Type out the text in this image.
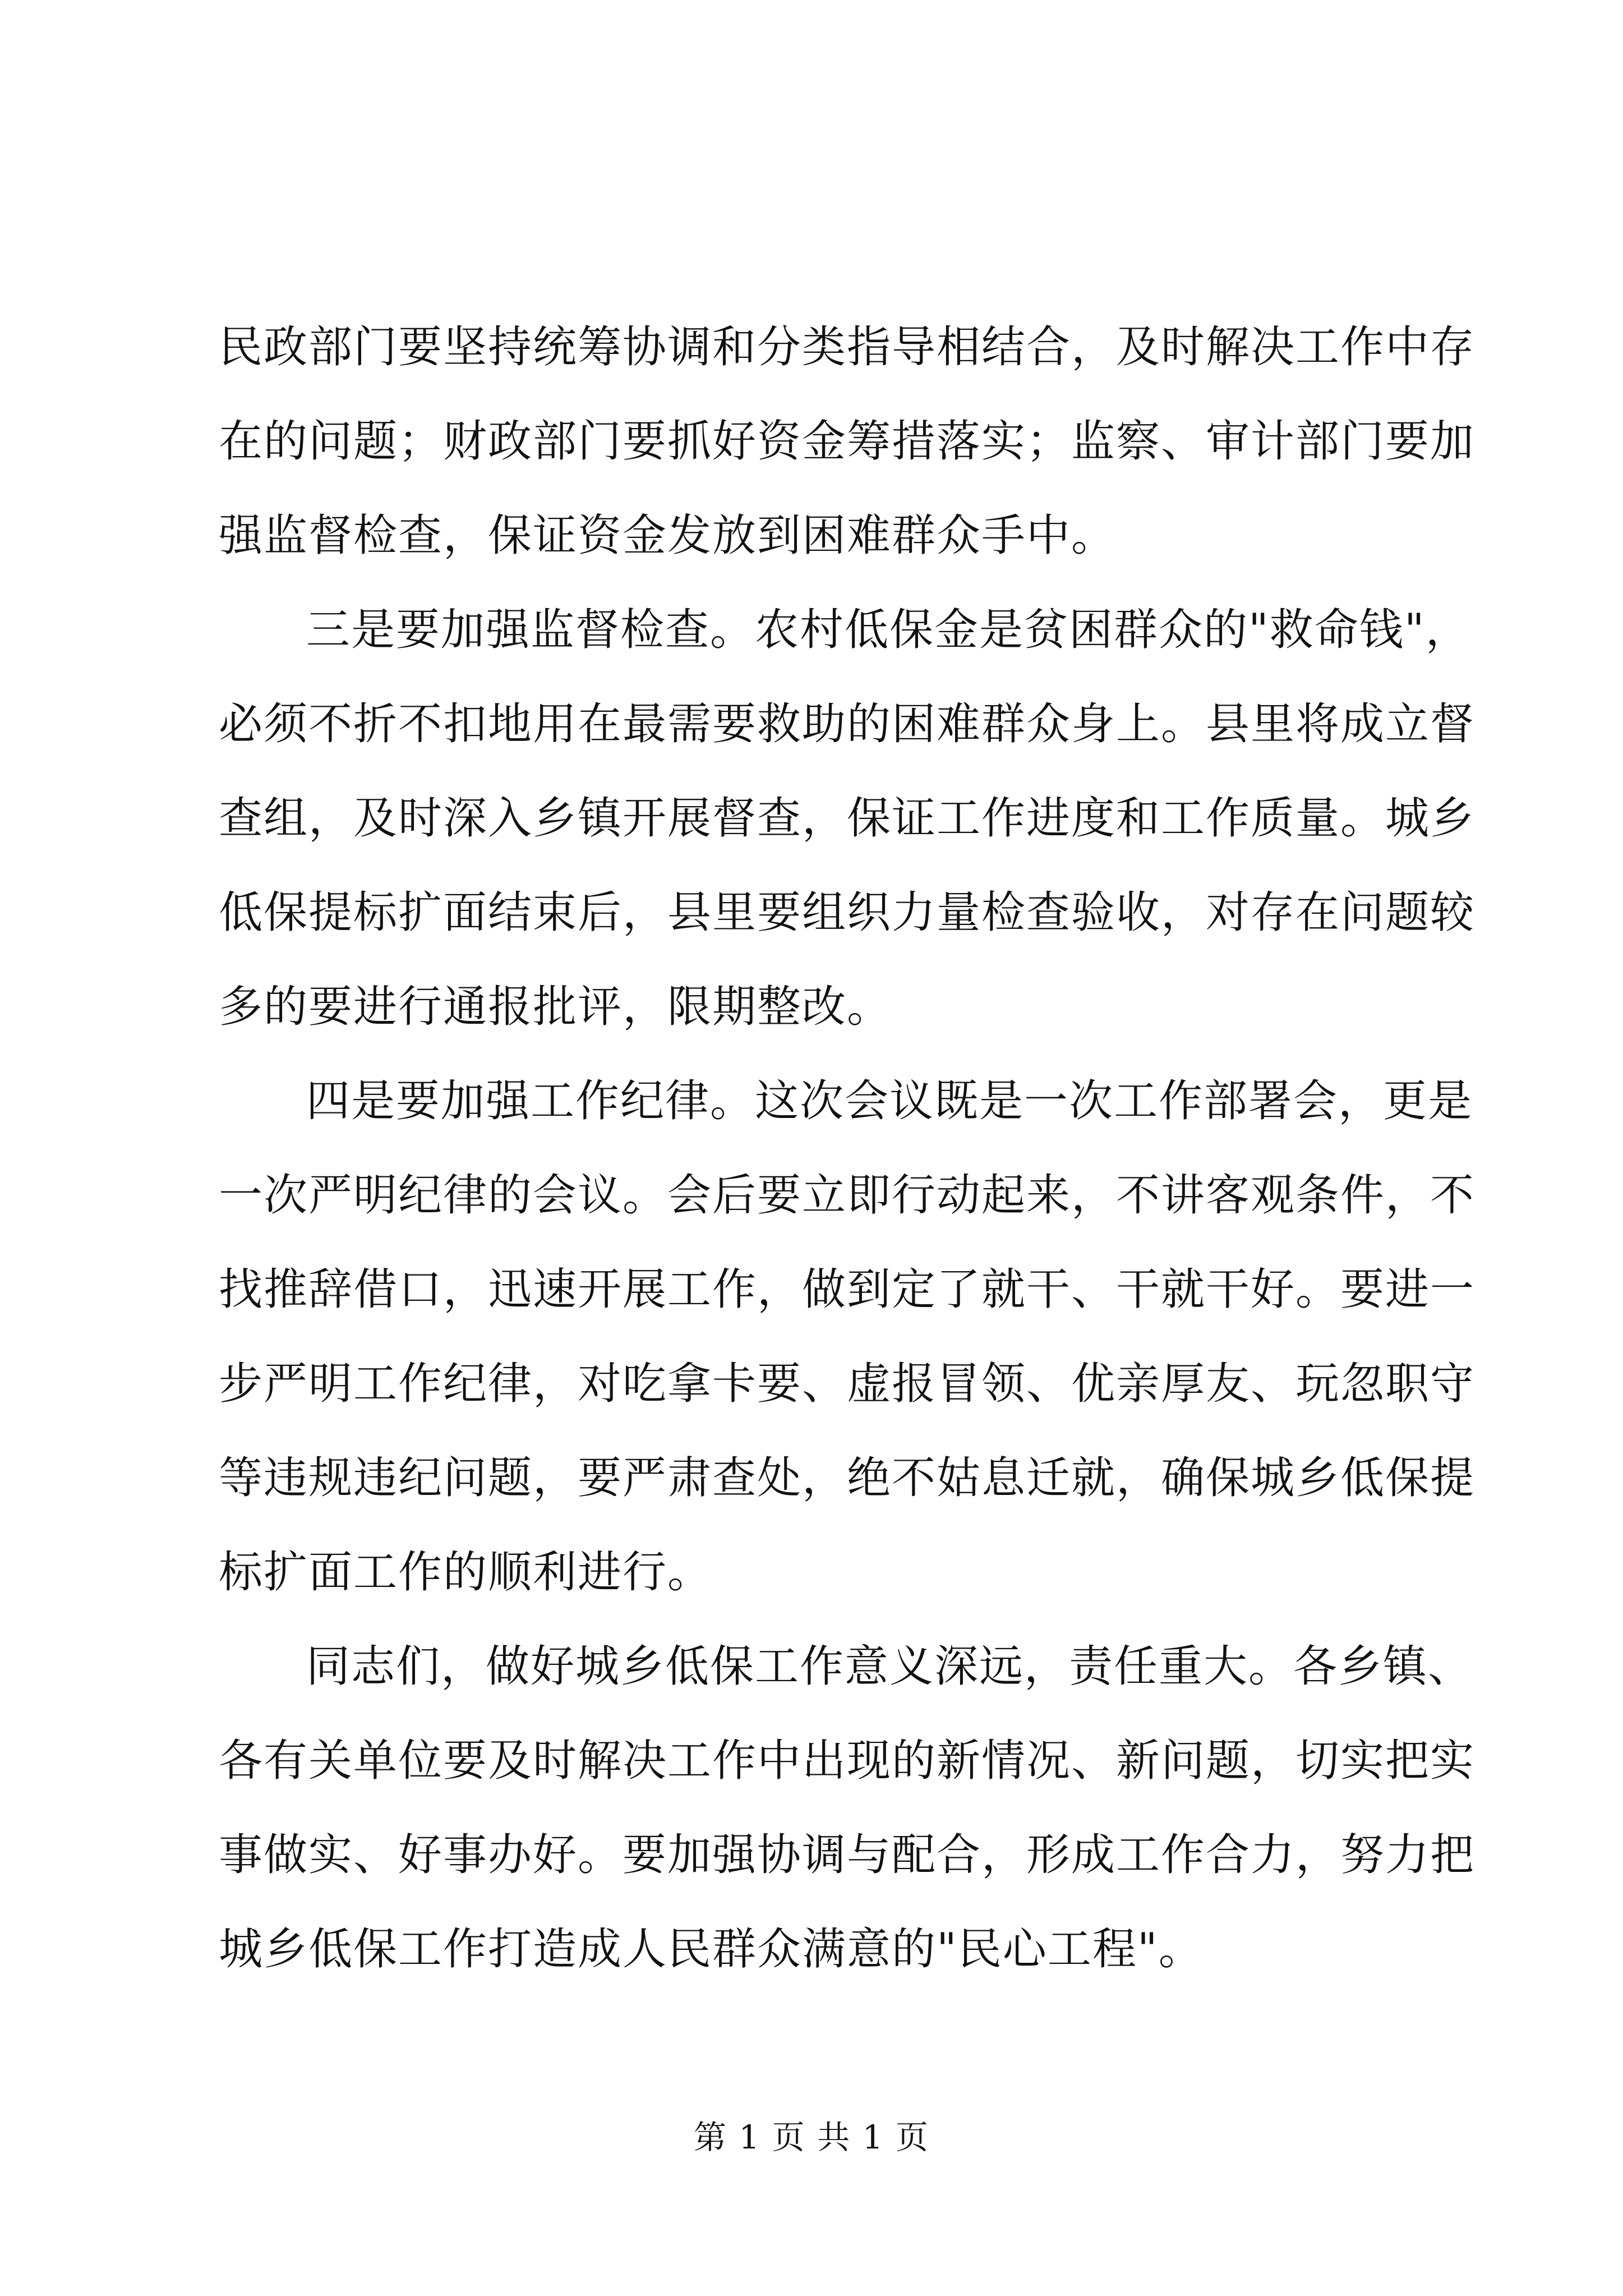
民政部门要坚持统筹协调和分类指导相结合，及时解决工作中存
在的问题；财政部门要抓好资金筹措落实；监察、审计部门要加
强监督检查，保证资金发放到困难群众手中。
三是要加强监督检查。农村低保金是贫困群众的"救命钱"，
必须不折不扣地用在最需要救助的困难群众身上。县里将成立督
查组，及时深入乡镇开展督查，保证工作进度和工作质量。城乡
低保提标扩面结束后，县里要组织力量检查验收，对存在问题较
多的要进行通报批评，限期整改。
四是要加强工作纪律。这次会议既是一次工作部署会，更是
一次严明纪律的会议。会后要立即行动起来，不讲客观条件，不
找推辞借口，迅速开展工作，做到定了就干、干就干好。要进一
步严明工作纪律，对吃拿卡要、虚报冒领、优亲厚友、玩忽职守
等违规违纪问题，要严肃查处，绝不姑息迁就，确保城乡低保提
标扩面工作的顺利进行。
同志们，做好城乡低保工作意义深远，责任重大。各乡镇、
各有关单位要及时解决工作中出现的新情况、新问题，切实把实
事做实、好事办好。要加强协调与配合，形成工作合力，努力把
城乡低保工作打造成人民群众满意的"民心工程"。
第 1 页 共 1 页
